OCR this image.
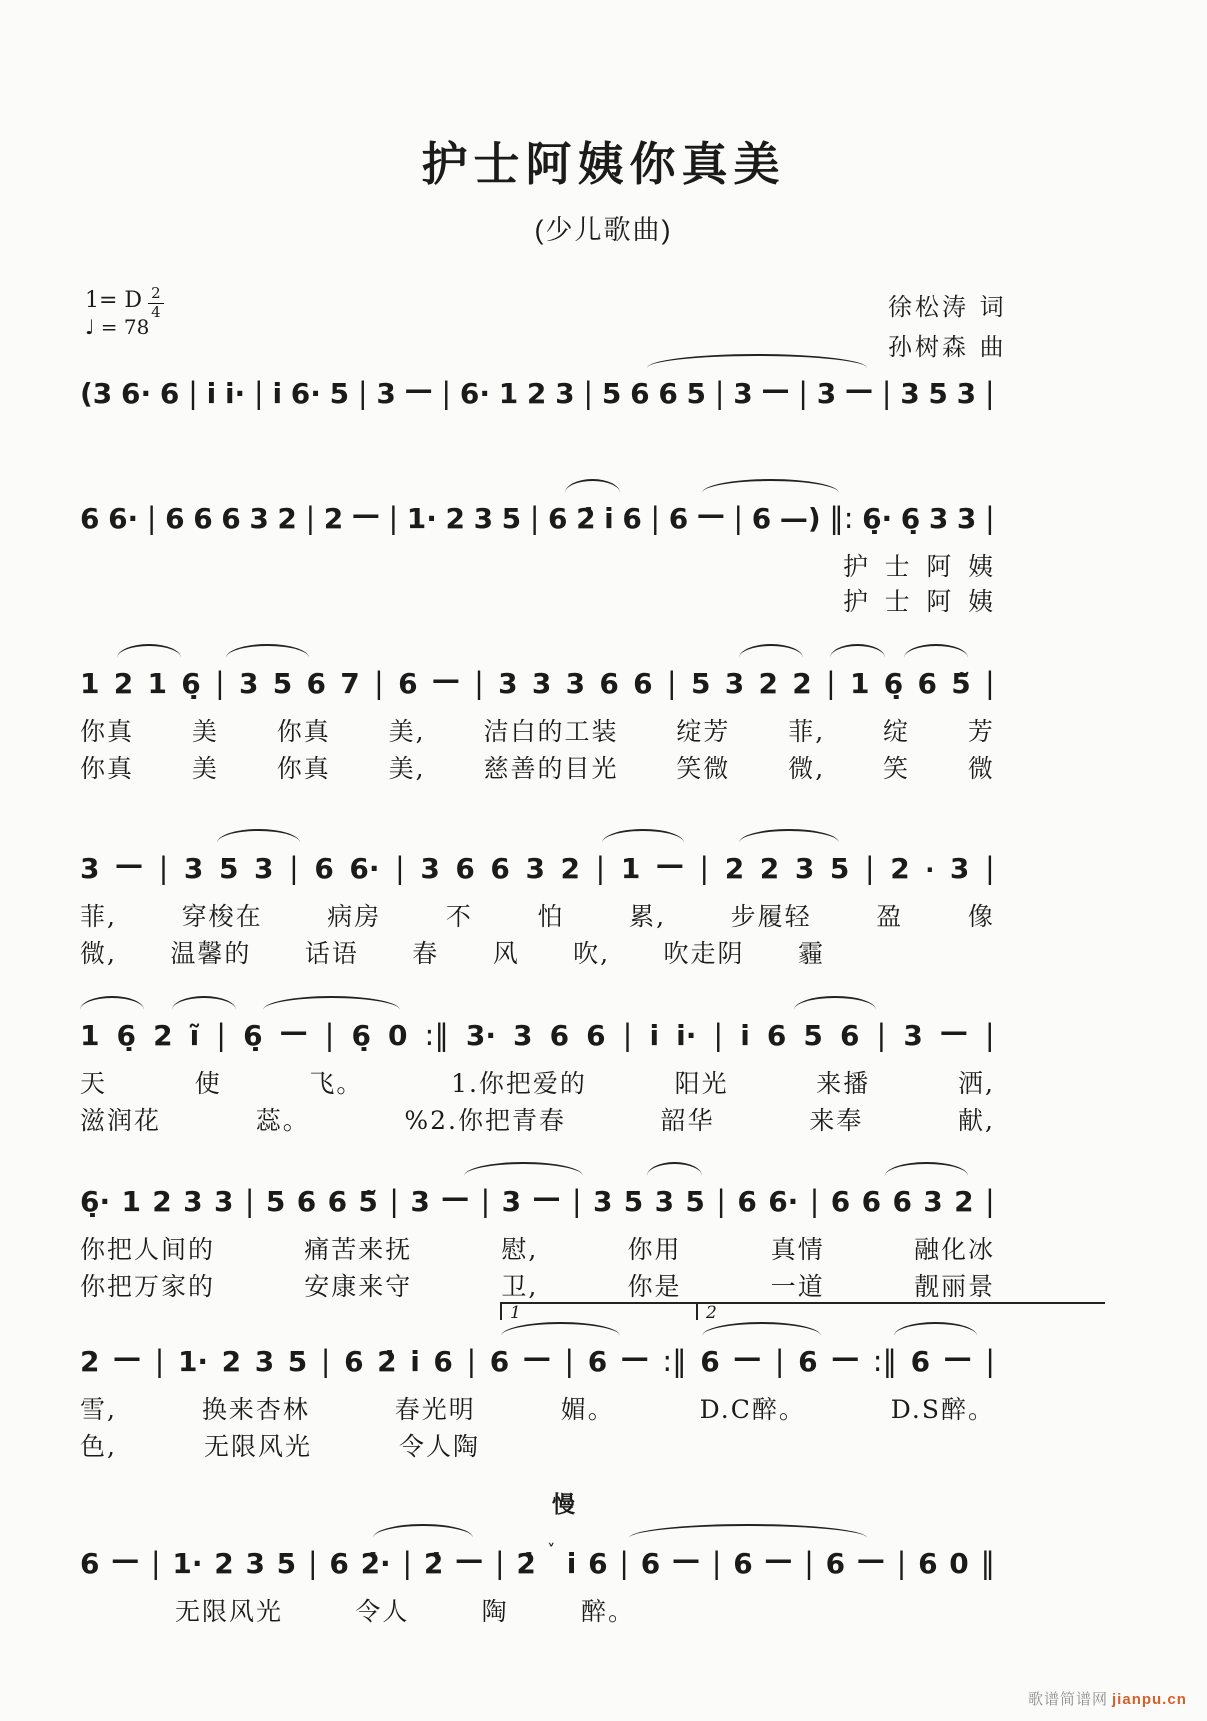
护士阿姨你真美
(少儿歌曲)
1= D $\frac{2}{4}$
♩ = 78
徐松涛 词
孙树森 曲
(3 6· 6 | i i· | i 6· 5 | 3 — | 6· 1 2 3 | 5 6 6 5 | 3 — | 3 — | 3 5 3 |
6 6· | 6 6 6 3 2 | 2 — | 1· 2 3 5 | 6 2̇ i 6 | 6 — | 6 —) ‖: 6̣· 6̣ 3 3 |
护 士 阿 姨
护 士 阿 姨
1 2 1 6̣ | 3 5 6 7 | 6 — | 3 3 3 6 6 | 5 3 2 2 | 1 6̣ 6 5̃ |
你真 美 你真 美, 洁白的工装 绽芳 菲, 绽 芳
你真 美 你真 美, 慈善的目光 笑微 微, 笑 微
3 — | 3 5 3 | 6 6· | 3 6 6 3 2 | 1 — | 2 2 3 5 | 2 · 3 |
菲,	穿梭在	病房	不	怕	累,	步履轻	盈	像
微, 温馨的 话语 春 风 吹, 吹走阴 霾
1 6̣ 2 ĩ | 6̣ — | 6̣ 0 :‖ 3· 3 6 6 | i i· | i 6 5 6 | 3 — |
天	使	飞。	1.你把爱的	阳光	来播	洒,
滋润花	蕊。	%2.你把青春	韶华	来奉	献,
6̣· 1 2 3 3 | 5 6 6 5̃ | 3 — | 3 — | 3 5 3 5 | 6 6· | 6 6 6 3 2 |
你把人间的	痛苦来抚	慰,	你用	真情	融化冰
你把万家的	安康来守	卫,	你是	一道	靓丽景
2 — | 1· 2 3 5 | 6 2̇ i 6 | 6 — | 6 — :‖ 6 — | 6 — :‖ 6 — |
雪,	换来杏林	春光明	媚。	D.C醉。	D.S醉。
色,	无限风光	令人陶
6 — | 1· 2 3 5 | 6 2̇· | 2̇ — | 2̇ ˅ i 6 | 6 — | 6 — | 6 — | 6 0 ‖
无限风光	令人	陶	醉。
1	2
慢
歌谱简谱网 jianpu.cn
